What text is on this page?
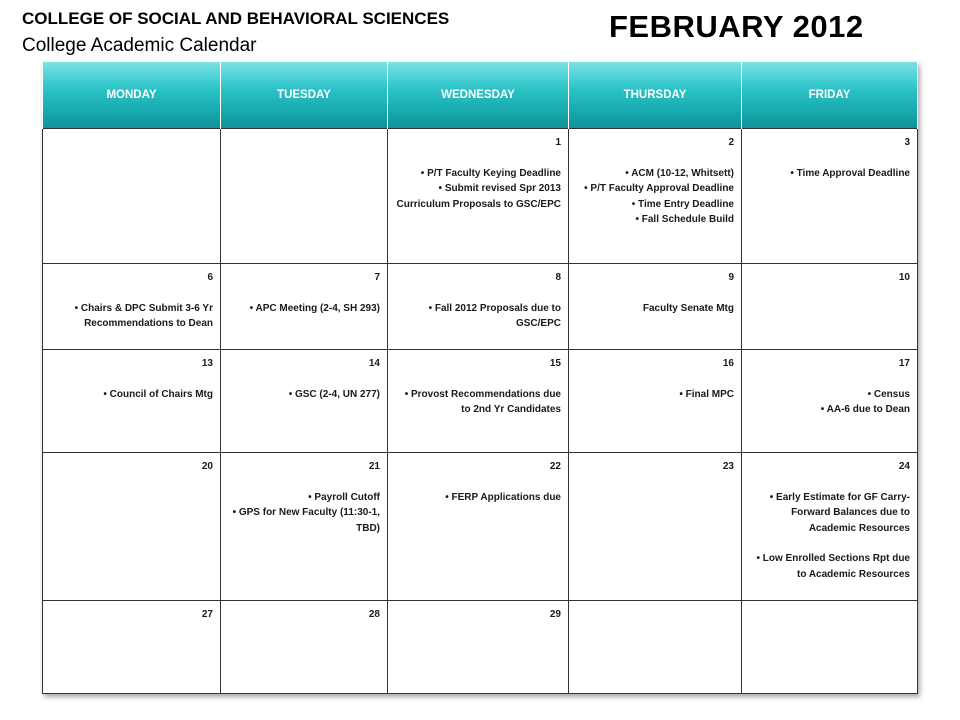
COLLEGE OF SOCIAL AND BEHAVIORAL SCIENCES
College Academic Calendar
FEBRUARY 2012
MONDAY	TUESDAY	WEDNESDAY	THURSDAY	FRIDAY

		1
• P/T Faculty Keying Deadline
• Submit revised Spr 2013 Curriculum Proposals to GSC/EPC	2
• ACM (10-12, Whitsett)
• P/T Faculty Approval Deadline
• Time Entry Deadline
• Fall Schedule Build	3
• Time Approval Deadline

6
• Chairs & DPC Submit 3-6 Yr Recommendations to Dean	7
• APC Meeting (2-4, SH 293)	8
• Fall 2012 Proposals due to GSC/EPC	9
Faculty Senate Mtg	10

13
• Council of Chairs Mtg	14
• GSC (2-4, UN 277)	15
• Provost Recommendations due to 2nd Yr Candidates	16
• Final MPC	17
• Census
• AA-6 due to Dean

20	21
• Payroll Cutoff
• GPS for New Faculty (11:30-1, TBD)	22
• FERP Applications due	23	24
• Early Estimate for GF Carry-Forward Balances due to Academic Resources
• Low Enrolled Sections Rpt due to Academic Resources

27	28	29		
